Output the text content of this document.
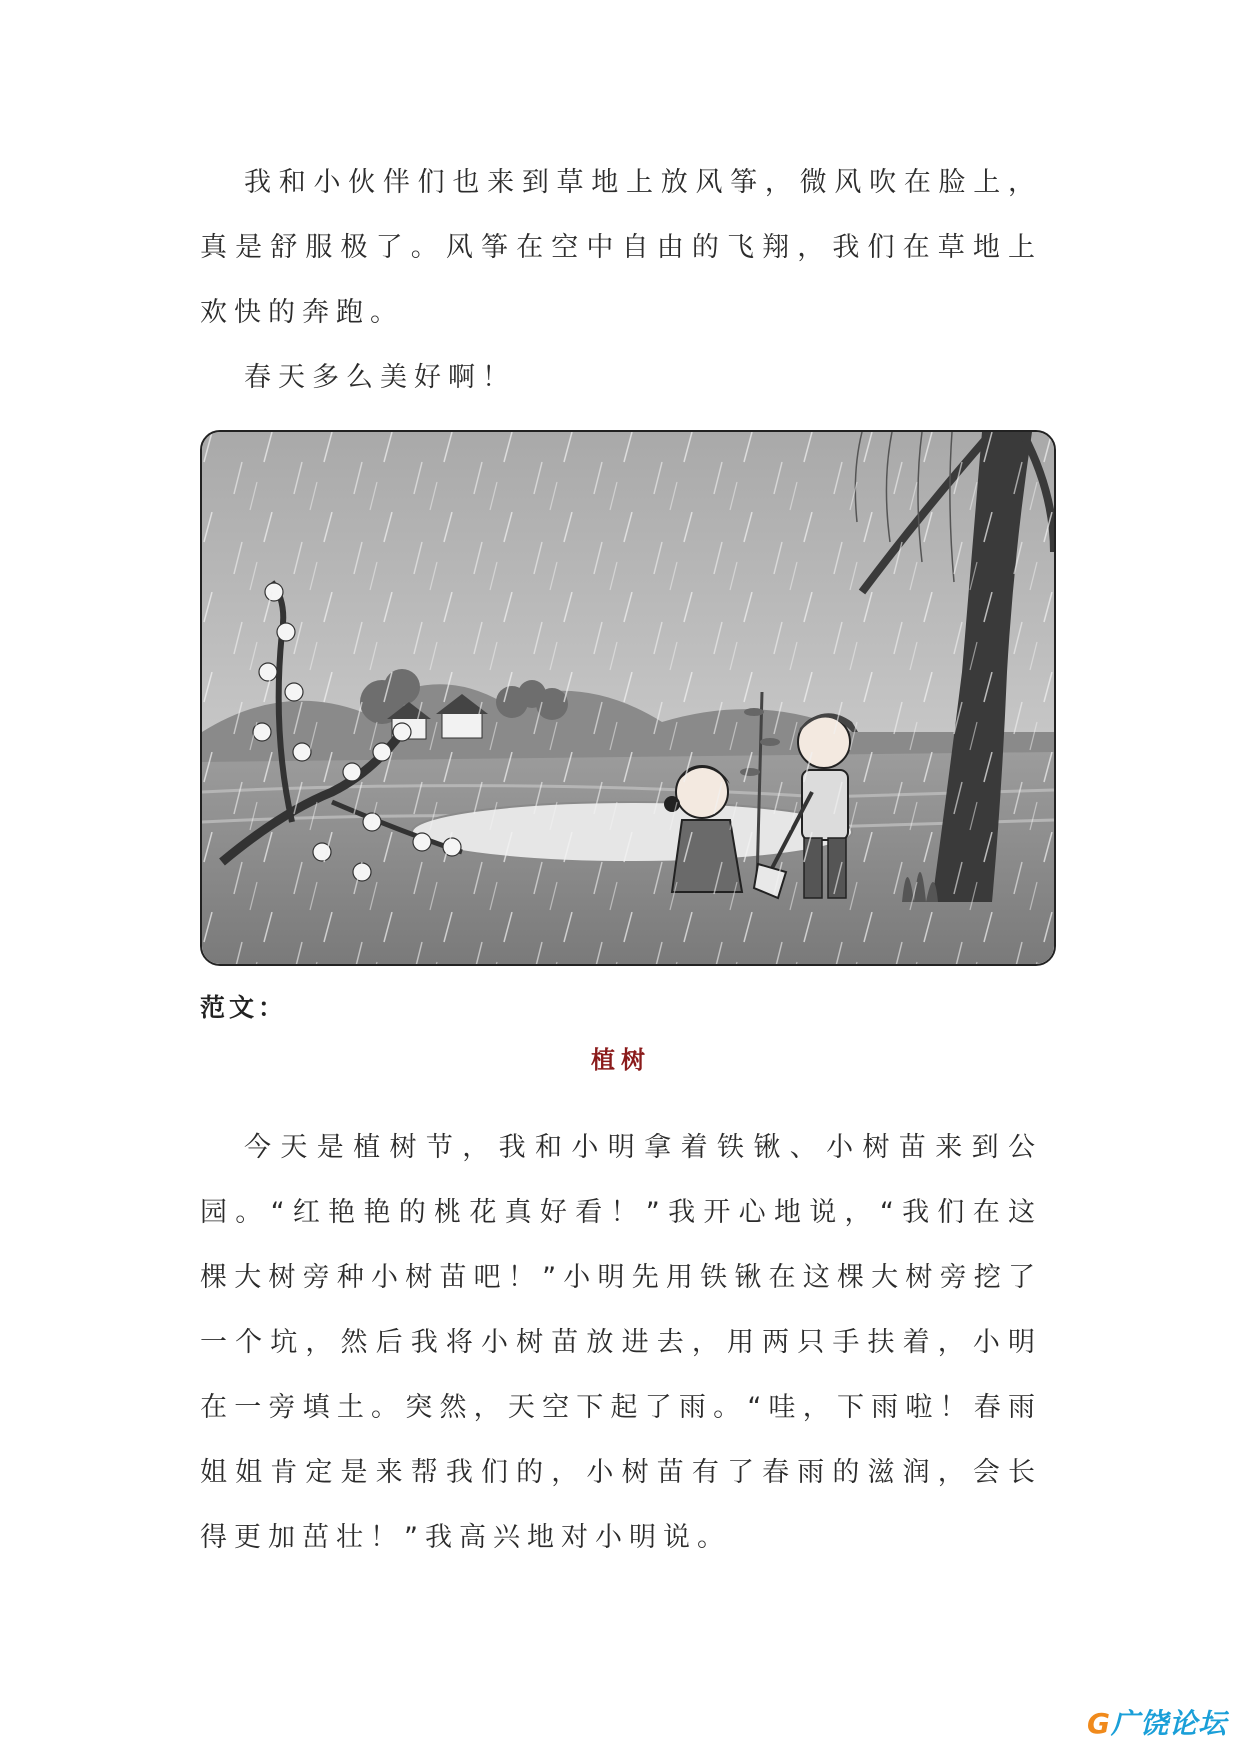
我和小伙伴们也来到草地上放风筝，微风吹在脸上，真是舒服极了。风筝在空中自由的飞翔，我们在草地上欢快的奔跑。

春天多么美好啊！

范文：
植树

今天是植树节，我和小明拿着铁锹、小树苗来到公园。“红艳艳的桃花真好看！”我开心地说，“我们在这棵大树旁种小树苗吧！”小明先用铁锹在这棵大树旁挖了一个坑，然后我将小树苗放进去，用两只手扶着，小明在一旁填土。突然，天空下起了雨。“哇，下雨啦！春雨姐姐肯定是来帮我们的，小树苗有了春雨的滋润，会长得更加茁壮！”我高兴地对小明说。

G广饶论坛
